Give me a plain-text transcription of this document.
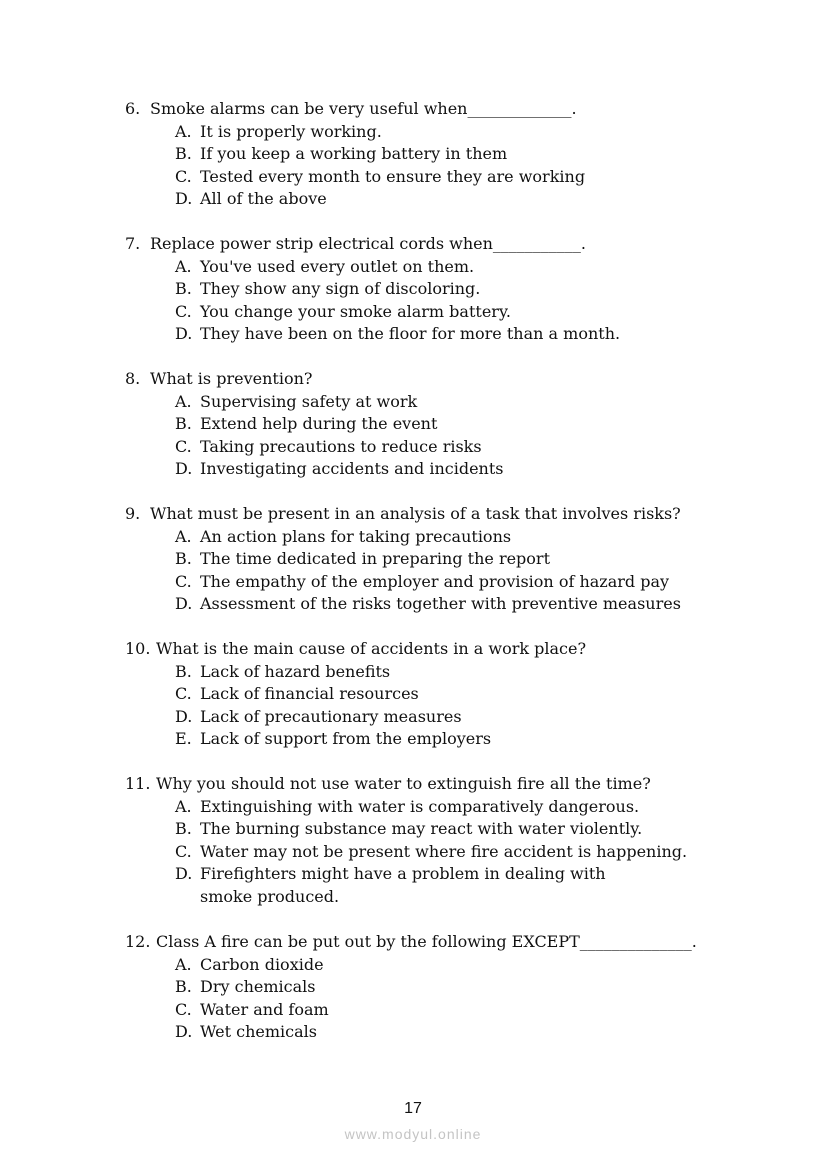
6. Smoke alarms can be very useful when_____________.
A. It is properly working.
B. If you keep a working battery in them
C. Tested every month to ensure they are working
D. All of the above
7. Replace power strip electrical cords when___________.
A. You've used every outlet on them.
B. They show any sign of discoloring.
C. You change your smoke alarm battery.
D. They have been on the floor for more than a month.
8. What is prevention?
A. Supervising safety at work
B. Extend help during the event
C. Taking precautions to reduce risks
D. Investigating accidents and incidents
9. What must be present in an analysis of a task that involves risks?
A. An action plans for taking precautions
B. The time dedicated in preparing the report
C. The empathy of the employer and provision of hazard pay
D. Assessment of the risks together with preventive measures
10. What is the main cause of accidents in a work place?
B. Lack of hazard benefits
C. Lack of financial resources
D. Lack of precautionary measures
E. Lack of support from the employers
11. Why you should not use water to extinguish fire all the time?
A. Extinguishing with water is comparatively dangerous.
B. The burning substance may react with water violently.
C. Water may not be present where fire accident is happening.
D. Firefighters might have a problem in dealing with
smoke produced.
12. Class A fire can be put out by the following EXCEPT______________.
A. Carbon dioxide
B. Dry chemicals
C. Water and foam
D. Wet chemicals
17
www.modyul.online
